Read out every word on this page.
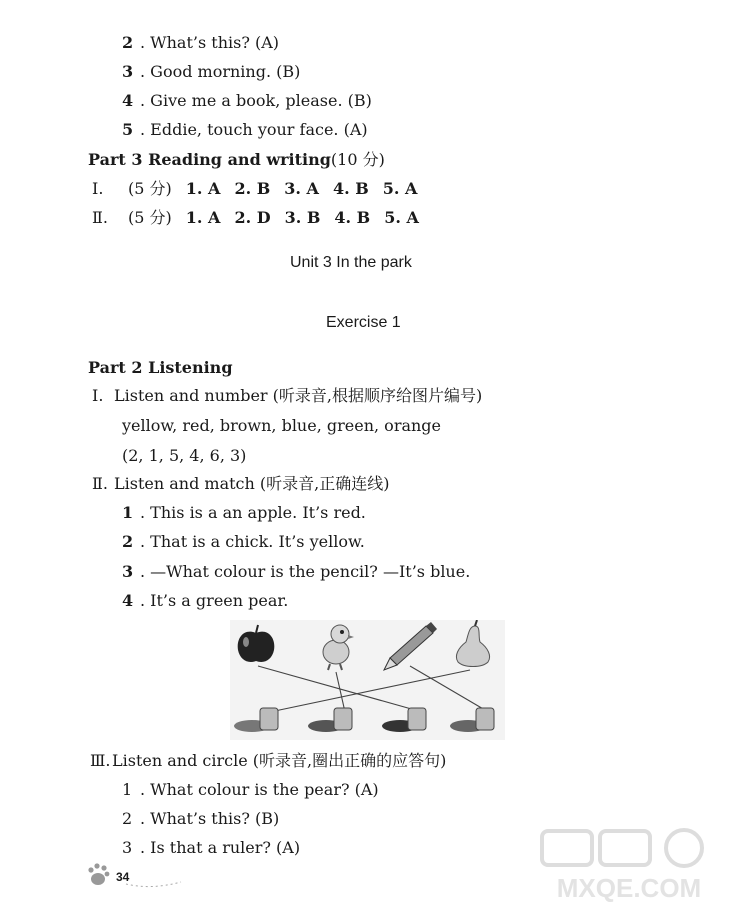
2 . What’s this? (A)
3 . Good morning. (B)
4 . Give me a book, please. (B)
5 . Eddie, touch your face. (A)
Part 3 Reading and writing(10 分)
Ⅰ. (5 分) 1. A 2. B 3. A 4. B 5. A
Ⅱ. (5 分) 1. A 2. D 3. B 4. B 5. A
Unit 3 In the park
Exercise 1
Part 2 Listening
Ⅰ. Listen and number (听录音,根据顺序给图片编号)
yellow, red, brown, blue, green, orange
(2, 1, 5, 4, 6, 3)
Ⅱ. Listen and match (听录音,正确连线)
1 . This is a an apple. It’s red.
2 . That is a chick. It’s yellow.
3 . —What colour is the pencil? —It’s blue.
4 . It’s a green pear.
Ⅲ.Listen and circle (听录音,圈出正确的应答句)
1 . What colour is the pear? (A)
2 . What’s this? (B)
3 . Is that a ruler? (A)
34	MXQE.COM
